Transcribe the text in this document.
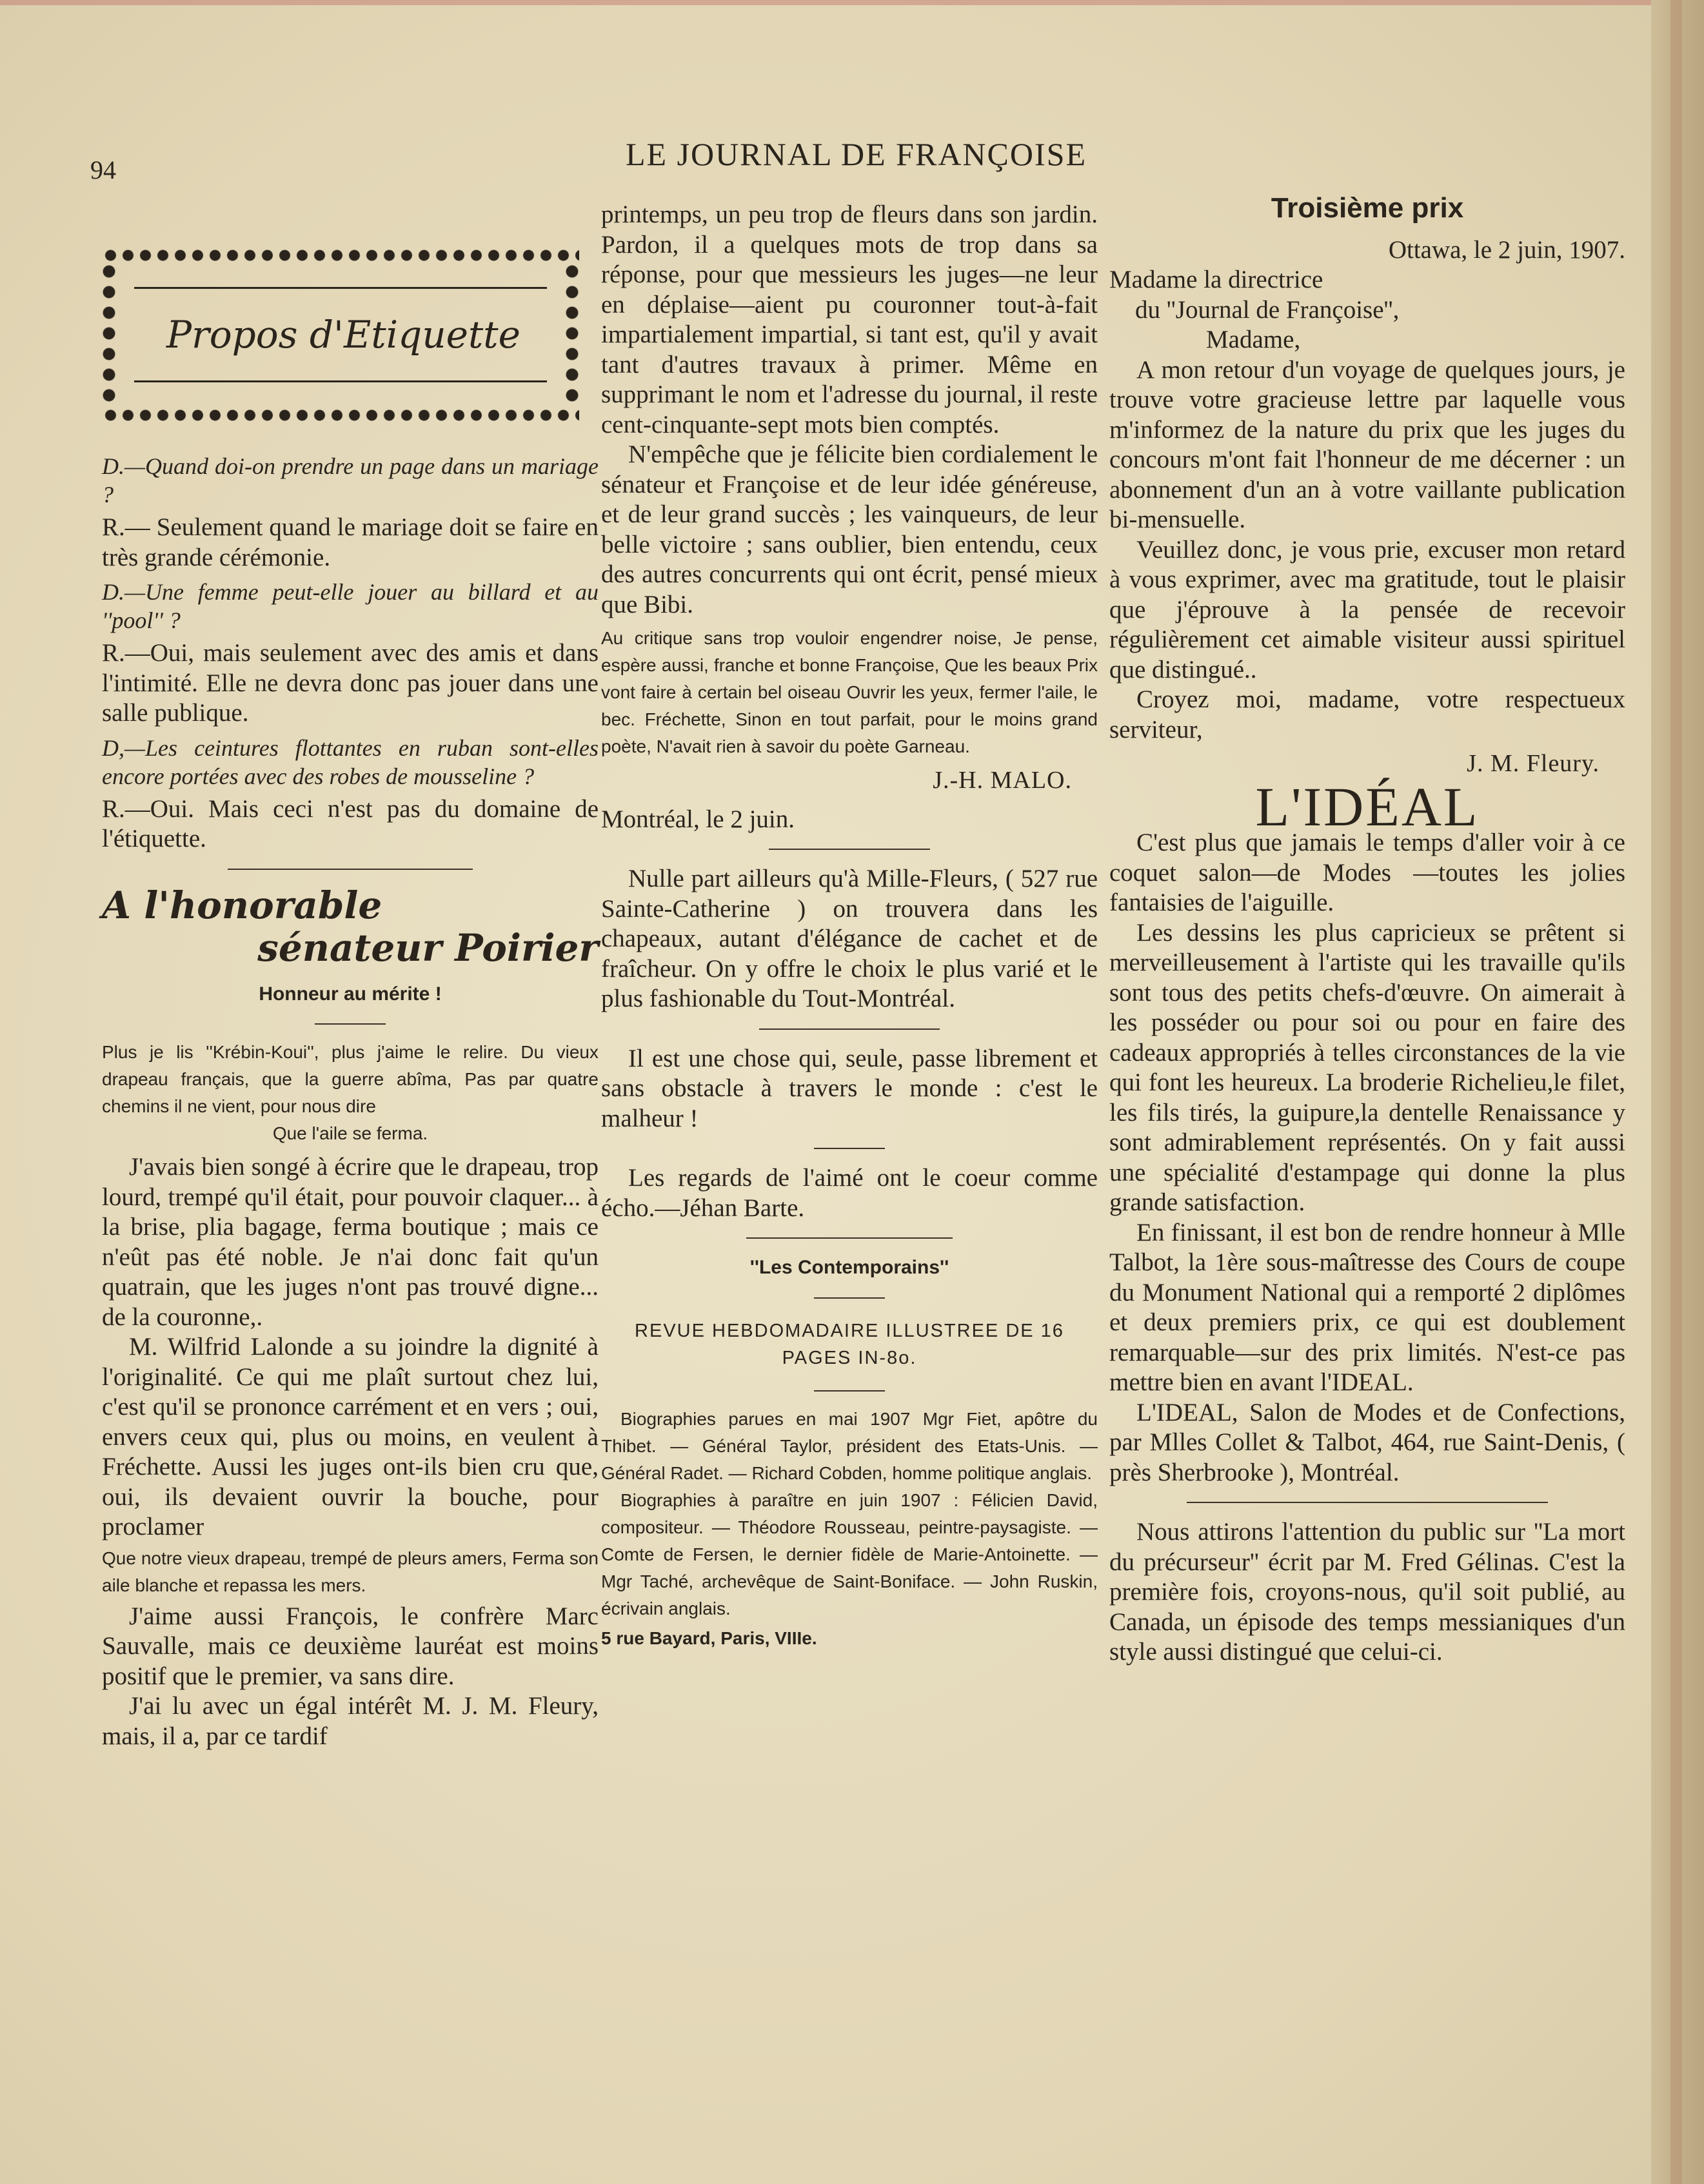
94	LE JOURNAL DE FRANÇOISE
Propos d'Etiquette

D.—Quand doi-on prendre un page dans un mariage ?

R.— Seulement quand le mariage doit se faire en très grande cérémonie.

D.—Une femme peut-elle jouer au billard et au ''pool'' ?

R.—Oui, mais seulement avec des amis et dans l'intimité. Elle ne devra donc pas jouer dans une salle publique.

D,—Les ceintures flottantes en ruban sont-elles encore portées avec des robes de mousseline ?

R.—Oui. Mais ceci n'est pas du domaine de l'étiquette.

A l'honorable
sénateur Poirier
Honneur au mérite !

Plus je lis ''Krébin-Koui'', plus j'aime le relire. Du vieux drapeau français, que la guerre abîma, Pas par quatre chemins il ne vient, pour nous dire

Que l'aile se ferma.

J'avais bien songé à écrire que le drapeau, trop lourd, trempé qu'il était, pour pouvoir claquer... à la brise, plia bagage, ferma boutique ; mais ce n'eût pas été noble. Je n'ai donc fait qu'un quatrain, que les juges n'ont pas trouvé digne... de la couronne,.

M. Wilfrid Lalonde a su joindre la dignité à l'originalité. Ce qui me plaît surtout chez lui, c'est qu'il se prononce carrément et en vers ; oui, envers ceux qui, plus ou moins, en veulent à Fréchette. Aussi les juges ont-ils bien cru que, oui, ils devaient ouvrir la bouche, pour proclamer

Que notre vieux drapeau, trempé de pleurs amers, Ferma son aile blanche et repassa les mers.

J'aime aussi François, le confrère Marc Sauvalle, mais ce deuxième lauréat est moins positif que le premier, va sans dire.

J'ai lu avec un égal intérêt M. J. M. Fleury, mais, il a, par ce tardif

printemps, un peu trop de fleurs dans son jardin. Pardon, il a quelques mots de trop dans sa réponse, pour que messieurs les juges—ne leur en déplaise—aient pu couronner tout-à-fait impartialement impartial, si tant est, qu'il y avait tant d'autres travaux à primer. Même en supprimant le nom et l'adresse du journal, il reste cent-cinquante-sept mots bien comptés.

N'empêche que je félicite bien cordialement le sénateur et Françoise et de leur idée généreuse, et de leur grand succès ; les vainqueurs, de leur belle victoire ; sans oublier, bien entendu, ceux des autres concurrents qui ont écrit, pensé mieux que Bibi.

Au critique sans trop vouloir engendrer noise, Je pense, espère aussi, franche et bonne Françoise, Que les beaux Prix vont faire à certain bel oiseau Ouvrir les yeux, fermer l'aile, le bec. Fréchette, Sinon en tout parfait, pour le moins grand poète, N'avait rien à savoir du poète Garneau.

J.-H. MALO.

Montréal, le 2 juin.

Nulle part ailleurs qu'à Mille-Fleurs, ( 527 rue Sainte-Catherine ) on trouvera dans les chapeaux, autant d'élégance de cachet et de fraîcheur. On y offre le choix le plus varié et le plus fashionable du Tout-Montréal.

Il est une chose qui, seule, passe librement et sans obstacle à travers le monde : c'est le malheur !

Les regards de l'aimé ont le coeur comme écho.—Jéhan Barte.

''Les Contemporains''

REVUE HEBDOMADAIRE ILLUSTREE DE 16 PAGES IN-8o.

Biographies parues en mai 1907 Mgr Fiet, apôtre du Thibet. — Général Taylor, président des Etats-Unis. — Général Radet. — Richard Cobden, homme politique anglais.

Biographies à paraître en juin 1907 : Félicien David, compositeur. — Théodore Rousseau, peintre-paysagiste. — Comte de Fersen, le dernier fidèle de Marie-Antoinette. — Mgr Taché, archevêque de Saint-Boniface. — John Ruskin, écrivain anglais.

5 rue Bayard, Paris, VIIIe.

Troisième prix

Ottawa, le 2 juin, 1907.

Madame la directrice

du ''Journal de Françoise'',

Madame,

A mon retour d'un voyage de quelques jours, je trouve votre gracieuse lettre par laquelle vous m'informez de la nature du prix que les juges du concours m'ont fait l'honneur de me décerner : un abonnement d'un an à votre vaillante publication bi-mensuelle.

Veuillez donc, je vous prie, excuser mon retard à vous exprimer, avec ma gratitude, tout le plaisir que j'éprouve à la pensée de recevoir régulièrement cet aimable visiteur aussi spirituel que distingué..

Croyez moi, madame, votre respectueux serviteur,

J. M. Fleury.
L'IDÉAL

C'est plus que jamais le temps d'aller voir à ce coquet salon—de Modes —toutes les jolies fantaisies de l'aiguille.

Les dessins les plus capricieux se prêtent si merveilleusement à l'artiste qui les travaille qu'ils sont tous des petits chefs-d'œuvre. On aimerait à les posséder ou pour soi ou pour en faire des cadeaux appropriés à telles circonstances de la vie qui font les heureux. La broderie Richelieu,le filet, les fils tirés, la guipure,la dentelle Renaissance y sont admirablement représentés. On y fait aussi une spécialité d'estampage qui donne la plus grande satisfaction.

En finissant, il est bon de rendre honneur à Mlle Talbot, la 1ère sous-maîtresse des Cours de coupe du Monument National qui a remporté 2 diplômes et deux premiers prix, ce qui est doublement remarquable—sur des prix limités. N'est-ce pas mettre bien en avant l'IDEAL.

L'IDEAL, Salon de Modes et de Confections, par Mlles Collet & Talbot, 464, rue Saint-Denis, ( près Sherbrooke ), Montréal.

Nous attirons l'attention du public sur ''La mort du précurseur'' écrit par M. Fred Gélinas. C'est la première fois, croyons-nous, qu'il soit publié, au Canada, un épisode des temps messianiques d'un style aussi distingué que celui-ci.
